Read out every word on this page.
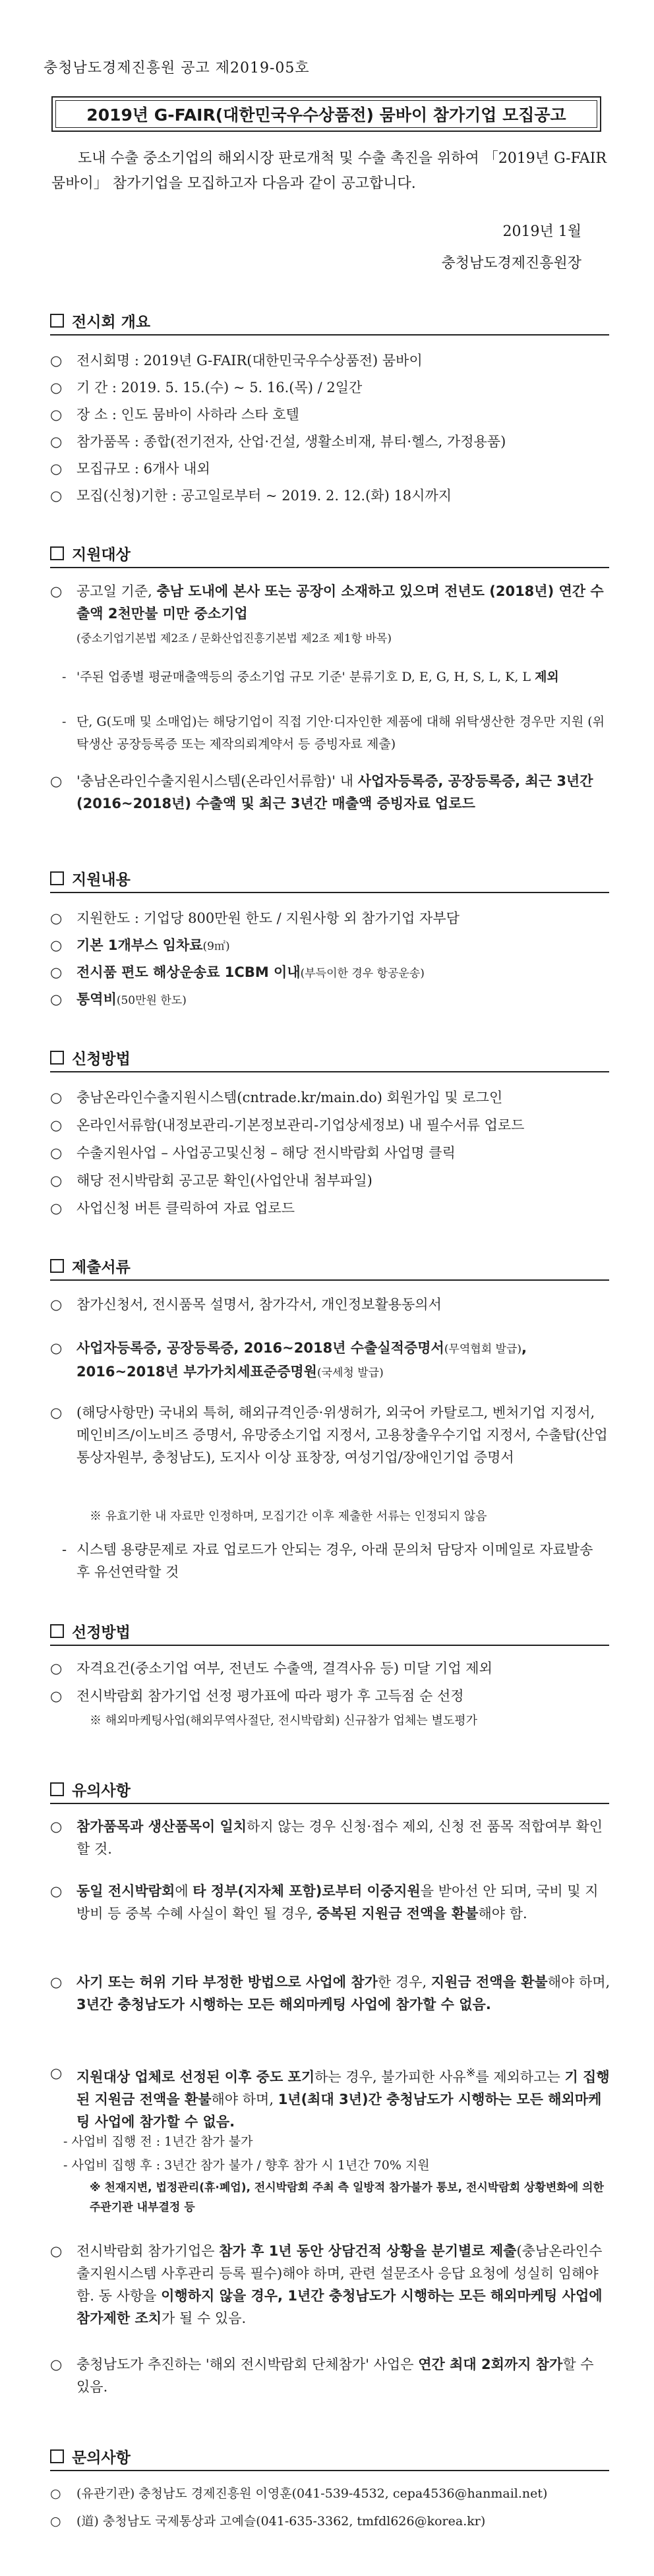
충청남도경제진흥원 공고 제2019-05호
2019년 G-FAIR(대한민국우수상품전) 뭄바이 참가기업 모집공고
도내 수출 중소기업의 해외시장 판로개척 및 수출 촉진을 위하여 「2019년 G-FAIR 뭄바이」 참가기업을 모집하고자 다음과 같이 공고합니다.
2019년 1월
충청남도경제진흥원장
전시회 개요
○ 전시회명 : 2019년 G-FAIR(대한민국우수상품전) 뭄바이
○ 기 간 : 2019. 5. 15.(수) ~ 5. 16.(목) / 2일간
○ 장 소 : 인도 뭄바이 사하라 스타 호텔
○ 참가품목 : 종합(전기전자, 산업·건설, 생활소비재, 뷰티·헬스, 가정용품)
○ 모집규모 : 6개사 내외
○ 모집(신청)기한 : 공고일로부터 ~ 2019. 2. 12.(화) 18시까지
지원대상
○ 공고일 기준, 충남 도내에 본사 또는 공장이 소재하고 있으며 전년도 (2018년) 연간 수출액 2천만불 미만 중소기업
(중소기업기본법 제2조 / 문화산업진흥기본법 제2조 제1항 바목)
- '주된 업종별 평균매출액등의 중소기업 규모 기준' 분류기호 D, E, G, H, S, L, K, L 제외
- 단, G(도매 및 소매업)는 해당기업이 직접 기안·디자인한 제품에 대해 위탁생산한 경우만 지원 (위탁생산 공장등록증 또는 제작의뢰계약서 등 증빙자료 제출)
○ '충남온라인수출지원시스템(온라인서류함)' 내 사업자등록증, 공장등록증, 최근 3년간(2016~2018년) 수출액 및 최근 3년간 매출액 증빙자료 업로드
지원내용
○ 지원한도 : 기업당 800만원 한도 / 지원사항 외 참가기업 자부담
○ 기본 1개부스 임차료(9㎡)
○ 전시품 편도 해상운송료 1CBM 이내(부득이한 경우 항공운송)
○ 통역비(50만원 한도)
신청방법
○ 충남온라인수출지원시스템(cntrade.kr/main.do) 회원가입 및 로그인
○ 온라인서류함(내정보관리-기본정보관리-기업상세정보) 내 필수서류 업로드
○ 수출지원사업 – 사업공고및신청 – 해당 전시박람회 사업명 클릭
○ 해당 전시박람회 공고문 확인(사업안내 첨부파일)
○ 사업신청 버튼 클릭하여 자료 업로드
제출서류
○ 참가신청서, 전시품목 설명서, 참가각서, 개인정보활용동의서
○ 사업자등록증, 공장등록증, 2016~2018년 수출실적증명서(무역협회 발급), 2016~2018년 부가가치세표준증명원(국세청 발급)
○ (해당사항만) 국내외 특허, 해외규격인증·위생허가, 외국어 카탈로그, 벤처기업 지정서, 메인비즈/이노비즈 증명서, 유망중소기업 지정서, 고용창출우수기업 지정서, 수출탑(산업통상자원부, 충청남도), 도지사 이상 표창장, 여성기업/장애인기업 증명서
※ 유효기한 내 자료만 인정하며, 모집기간 이후 제출한 서류는 인정되지 않음
- 시스템 용량문제로 자료 업로드가 안되는 경우, 아래 문의처 담당자 이메일로 자료발송 후 유선연락할 것
선정방법
○ 자격요건(중소기업 여부, 전년도 수출액, 결격사유 등) 미달 기업 제외
○ 전시박람회 참가기업 선정 평가표에 따라 평가 후 고득점 순 선정
※ 해외마케팅사업(해외무역사절단, 전시박람회) 신규참가 업체는 별도평가
유의사항
○ 참가품목과 생산품목이 일치하지 않는 경우 신청·접수 제외, 신청 전 품목 적합여부 확인할 것.
○ 동일 전시박람회에 타 정부(지자체 포함)로부터 이중지원을 받아선 안 되며, 국비 및 지방비 등 중복 수혜 사실이 확인 될 경우, 중복된 지원금 전액을 환불해야 함.
○ 사기 또는 허위 기타 부정한 방법으로 사업에 참가한 경우, 지원금 전액을 환불해야 하며, 3년간 충청남도가 시행하는 모든 해외마케팅 사업에 참가할 수 없음.
○ 지원대상 업체로 선정된 이후 중도 포기하는 경우, 불가피한 사유※를 제외하고는 기 집행된 지원금 전액을 환불해야 하며, 1년(최대 3년)간 충청남도가 시행하는 모든 해외마케팅 사업에 참가할 수 없음.
- 사업비 집행 전 : 1년간 참가 불가
- 사업비 집행 후 : 3년간 참가 불가 / 향후 참가 시 1년간 70% 지원
※ 천재지변, 법정관리(휴·폐업), 전시박람회 주최 측 일방적 참가불가 통보, 전시박람회 상황변화에 의한 주관기관 내부결정 등
○ 전시박람회 참가기업은 참가 후 1년 동안 상담건적 상황을 분기별로 제출(충남온라인수출지원시스템 사후관리 등록 필수)해야 하며, 관련 설문조사 응답 요청에 성실히 임해야 함. 동 사항을 이행하지 않을 경우, 1년간 충청남도가 시행하는 모든 해외마케팅 사업에 참가제한 조치가 될 수 있음.
○ 충청남도가 추진하는 '해외 전시박람회 단체참가' 사업은 연간 최대 2회까지 참가할 수 있음.
문의사항
○ (유관기관) 충청남도 경제진흥원 이영훈(041-539-4532, cepa4536@hanmail.net)
○ (道) 충청남도 국제통상과 고예슬(041-635-3362, tmfdl626@korea.kr)
